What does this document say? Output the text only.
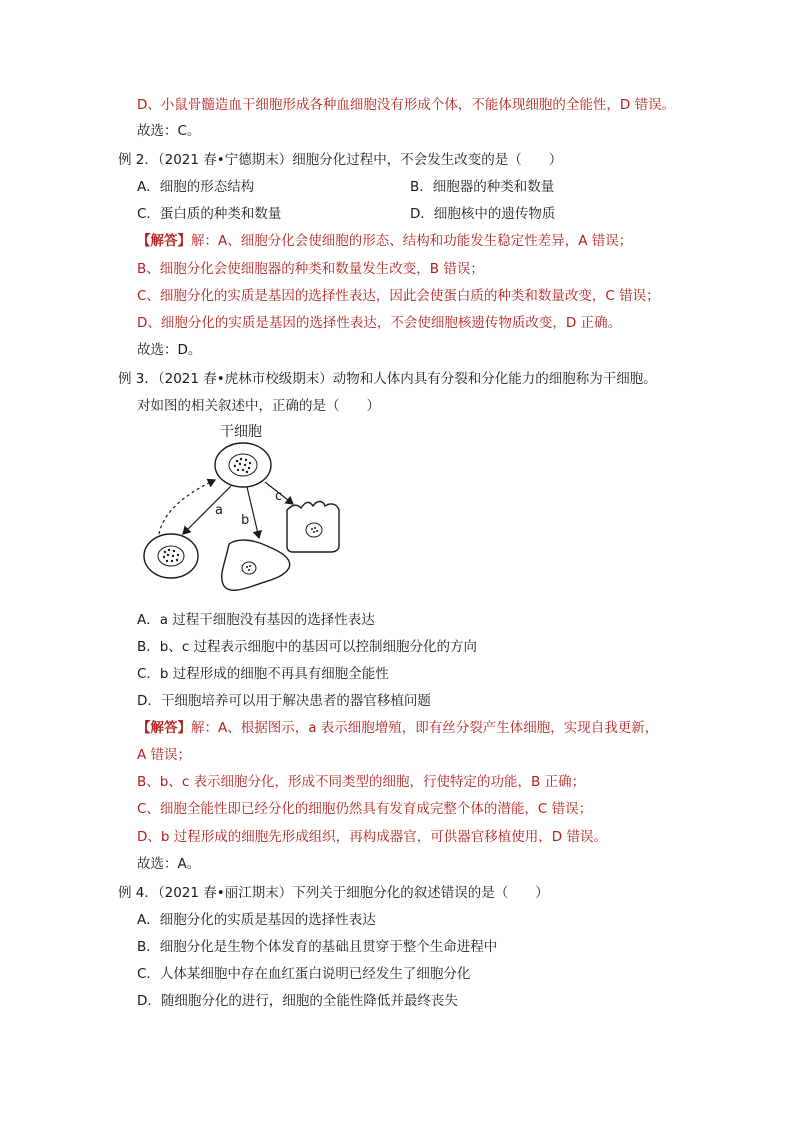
D、小鼠骨髓造血干细胞形成各种血细胞没有形成个体，不能体现细胞的全能性，D 错误。
故选：C。
例 2．（2021 春•宁德期末）细胞分化过程中，不会发生改变的是（　　）
A．细胞的形态结构	B．细胞器的种类和数量
C．蛋白质的种类和数量	D．细胞核中的遗传物质
【解答】解：A、细胞分化会使细胞的形态、结构和功能发生稳定性差异，A 错误；
B、细胞分化会使细胞器的种类和数量发生改变，B 错误；
C、细胞分化的实质是基因的选择性表达，因此会使蛋白质的种类和数量改变，C 错误；
D、细胞分化的实质是基因的选择性表达，不会使细胞核遗传物质改变，D 正确。
故选：D。
例 3．（2021 春•虎林市校级期末）动物和人体内具有分裂和分化能力的细胞称为干细胞。
对如图的相关叙述中，正确的是（　　）
干细胞
a
b
c
A．a 过程干细胞没有基因的选择性表达
B．b、c 过程表示细胞中的基因可以控制细胞分化的方向
C．b 过程形成的细胞不再具有细胞全能性
D．干细胞培养可以用于解决患者的器官移植问题
【解答】解：A、根据图示，a 表示细胞增殖，即有丝分裂产生体细胞，实现自我更新，
A 错误；
B、b、c 表示细胞分化，形成不同类型的细胞，行使特定的功能，B 正确；
C、细胞全能性即已经分化的细胞仍然具有发育成完整个体的潜能，C 错误；
D、b 过程形成的细胞先形成组织，再构成器官，可供器官移植使用，D 错误。
故选：A。
例 4．（2021 春•丽江期末）下列关于细胞分化的叙述错误的是（　　）
A．细胞分化的实质是基因的选择性表达
B．细胞分化是生物个体发育的基础且贯穿于整个生命进程中
C．人体某细胞中存在血红蛋白说明已经发生了细胞分化
D．随细胞分化的进行，细胞的全能性降低并最终丧失
